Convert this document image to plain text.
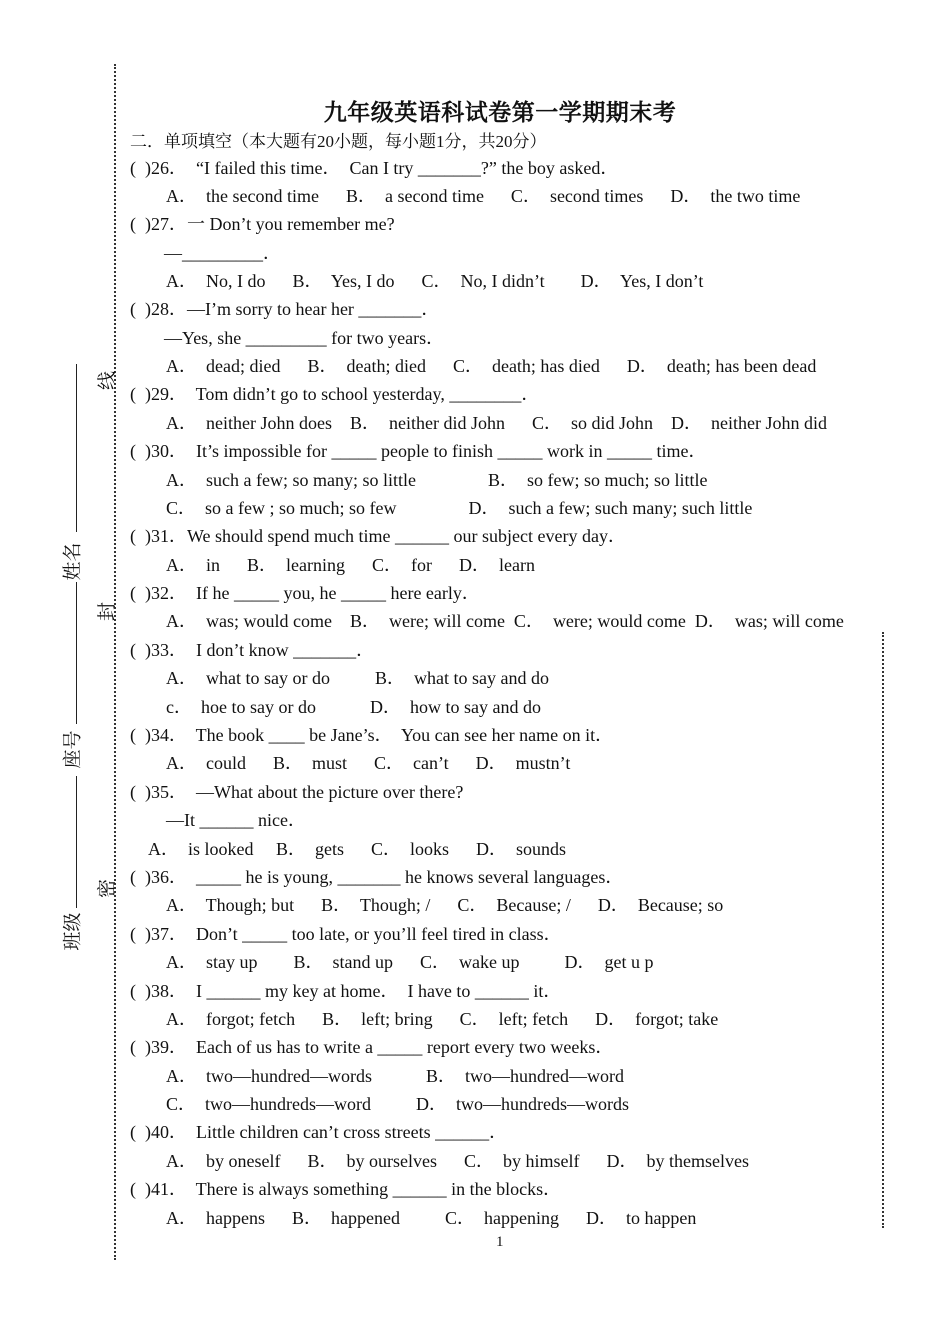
姓名
座号
班级
线
封
密
九年级英语科试卷第一学期期末考
二．单项填空（本大题有20小题，每小题1分，共20分）
(  )26．  “I failed this time．  Can I try _______?” the boy asked．
A．  the second time      B．  a second time      C．  second times      D．  the two time
(  )27．一 Don’t you remember me?
—_________．
A．  No, I do      B．  Yes, I do      C．  No, I didn’t        D．  Yes, I don’t
(  )28．—I’m sorry to hear her _______．
—Yes, she _________ for two years．
A．  dead; died      B．  death; died      C．  death; has died      D．  death; has been dead
(  )29．  Tom didn’t go to school yesterday, ________．
A．  neither John does    B．  neither did John      C．  so did John    D．  neither John did
(  )30．  It’s impossible for _____ people to finish _____ work in _____ time．
A．  such a few; so many; so little                B．  so few; so much; so little
C．  so a few ; so much; so few                D．  such a few; such many; such little
(  )31．We should spend much time ______ our subject every day．
A．  in      B．  learning      C．  for      D．  learn
(  )32．  If he _____ you, he _____ here early．
A．  was; would come    B．  were; will come  C．  were; would come  D．  was; will come
(  )33．  I don’t know _______．
A．  what to say or do          B．  what to say and do
c．  hoe to say or do            D．  how to say and do
(  )34．  The book ____ be Jane’s．  You can see her name on it．
A．  could      B．  must      C．  can’t      D．  mustn’t
(  )35．  —What about the picture over there?
—It ______ nice．
A．  is looked     B．  gets      C．  looks      D．  sounds
(  )36．  _____ he is young, _______ he knows several languages．
A．  Though; but      B．  Though; /      C．  Because; /      D．  Because; so
(  )37．  Don’t _____ too late, or you’ll feel tired in class．
A．  stay up        B．  stand up      C．  wake up          D．  get u p
(  )38．  I ______ my key at home．  I have to ______ it．
A．  forgot; fetch      B．  left; bring      C．  left; fetch      D．  forgot; take
(  )39．  Each of us has to write a _____ report every two weeks．
A．  two—hundred—words            B．  two—hundred—word
C．  two—hundreds—word          D．  two—hundreds—words
(  )40．  Little children can’t cross streets ______．
A．  by oneself      B．  by ourselves      C．  by himself      D．  by themselves
(  )41．  There is always something ______ in the blocks．
A．  happens      B．  happened          C．  happening      D．  to happen
1
